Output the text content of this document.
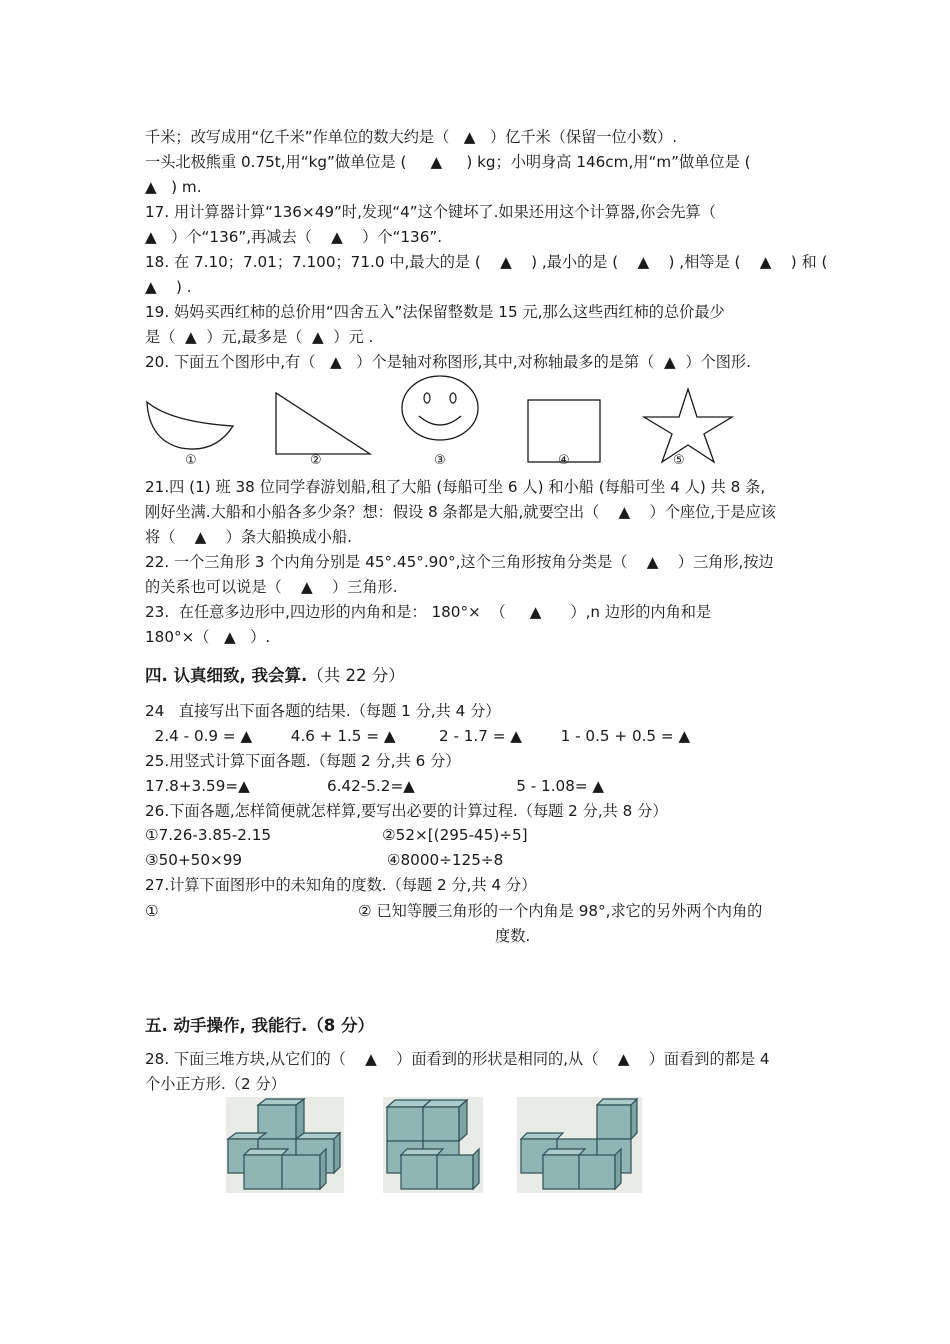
千米；改写成用“亿千米”作单位的数大约是（   ▲   ）亿千米（保留一位小数）.

一头北极熊重 0.75t,用“kg”做单位是 (     ▲     ) kg；小明身高 146cm,用“m”做单位是 (

▲   ) m.

17. 用计算器计算“136×49”时,发现“4”这个键坏了.如果还用这个计算器,你会先算（

▲   ）个“136”,再减去（    ▲    ）个“136”.

18. 在 7.10；7.01；7.100；71.0 中,最大的是 (    ▲    ) ,最小的是 (    ▲    ) ,相等是 (    ▲    ) 和 (

▲    ) .

19. 妈妈买西红柿的总价用“四舍五入”法保留整数是 15 元,那么这些西红柿的总价最少

是（  ▲  ）元,最多是（  ▲  ）元 .

20. 下面五个图形中,有（   ▲   ）个是轴对称图形,其中,对称轴最多的是第（  ▲  ）个图形.

①	②	③	④	⑤

21.四 (1) 班 38 位同学春游划船,租了大船 (每船可坐 6 人) 和小船 (每船可坐 4 人) 共 8 条,

刚好坐满.大船和小船各多少条？想：假设 8 条都是大船,就要空出（    ▲    ）个座位,于是应该

将（    ▲    ）条大船换成小船.

22. 一个三角形 3 个内角分别是 45°.45°.90°,这个三角形按角分类是（    ▲    ）三角形,按边

的关系也可以说是（    ▲    ）三角形.

23.  在任意多边形中,四边形的内角和是： 180°×  （     ▲      ）,n 边形的内角和是

180°×（   ▲   ）.

四. 认真细致, 我会算.（共 22 分）

24   直接写出下面各题的结果.（每题 1 分,共 4 分）

2.4 - 0.9 = ▲        4.6 + 1.5 = ▲         2 - 1.7 = ▲        1 - 0.5 + 0.5 = ▲

25.用竖式计算下面各题.（每题 2 分,共 6 分）

17.8+3.59=▲                6.42-5.2=▲                     5 - 1.08= ▲

26.下面各题,怎样简便就怎样算,要写出必要的计算过程.（每题 2 分,共 8 分）

①7.26-3.85-2.15                       ②52×[(295-45)÷5]

③50+50×99                              ④8000÷125÷8

27.计算下面图形中的未知角的度数.（每题 2 分,共 4 分）

①	② 已知等腰三角形的一个内角是 98°,求它的另外两个内角的

度数.

五. 动手操作, 我能行.（8 分）

28. 下面三堆方块,从它们的（    ▲    ）面看到的形状是相同的,从（    ▲    ）面看到的都是 4

个小正方形.（2 分）
